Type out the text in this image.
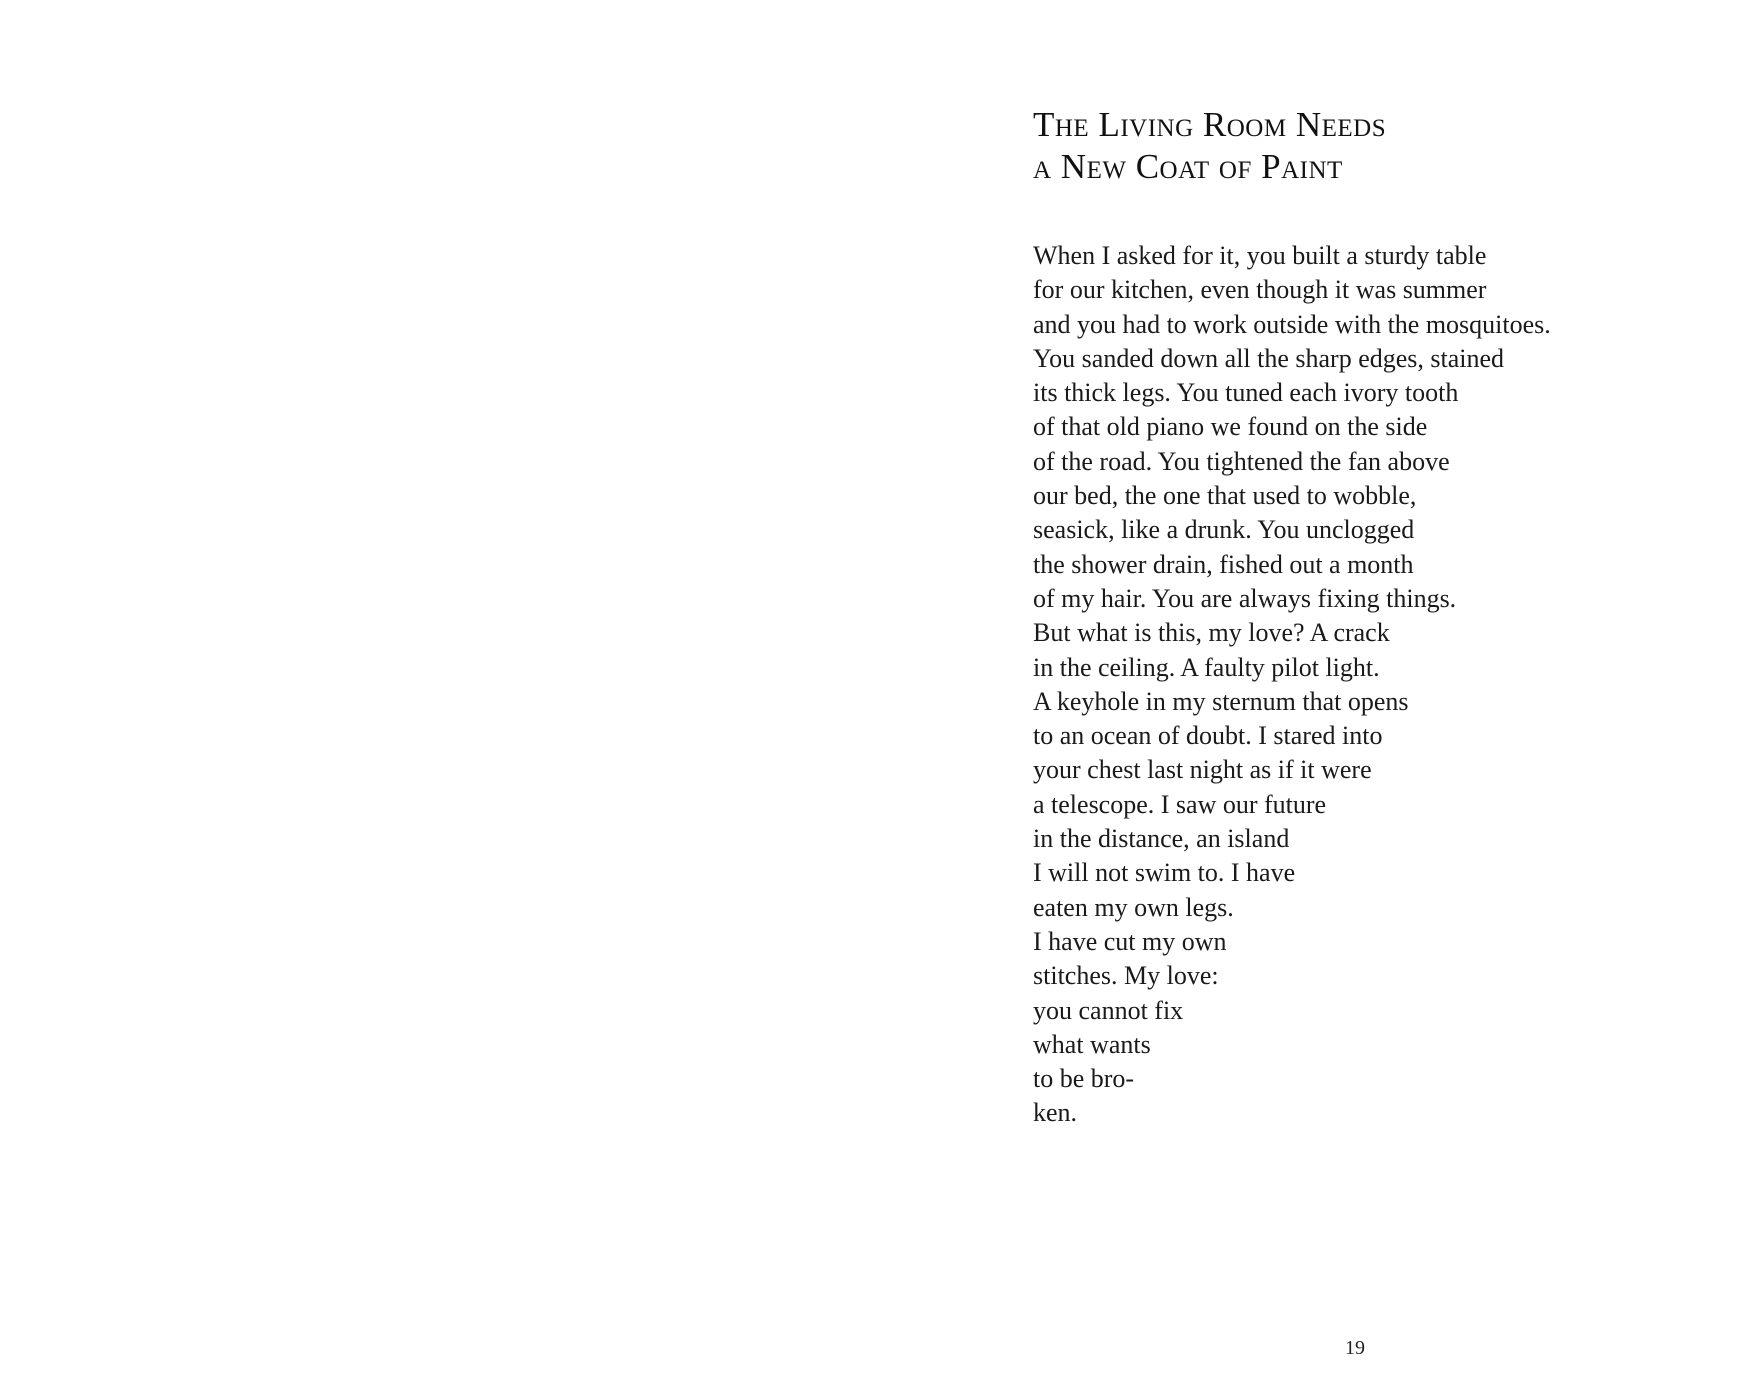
The Living Room Needs
a New Coat of Paint
When I asked for it, you built a sturdy table
for our kitchen, even though it was summer
and you had to work outside with the mosquitoes.
You sanded down all the sharp edges, stained
its thick legs. You tuned each ivory tooth
of that old piano we found on the side
of the road. You tightened the fan above
our bed, the one that used to wobble,
seasick, like a drunk. You unclogged
the shower drain, fished out a month
of my hair. You are always fixing things.
But what is this, my love? A crack
in the ceiling. A faulty pilot light.
A keyhole in my sternum that opens
to an ocean of doubt. I stared into
your chest last night as if it were
a telescope. I saw our future
in the distance, an island
I will not swim to. I have
eaten my own legs.
I have cut my own
stitches. My love:
you cannot fix
what wants
to be bro-
ken.
19
